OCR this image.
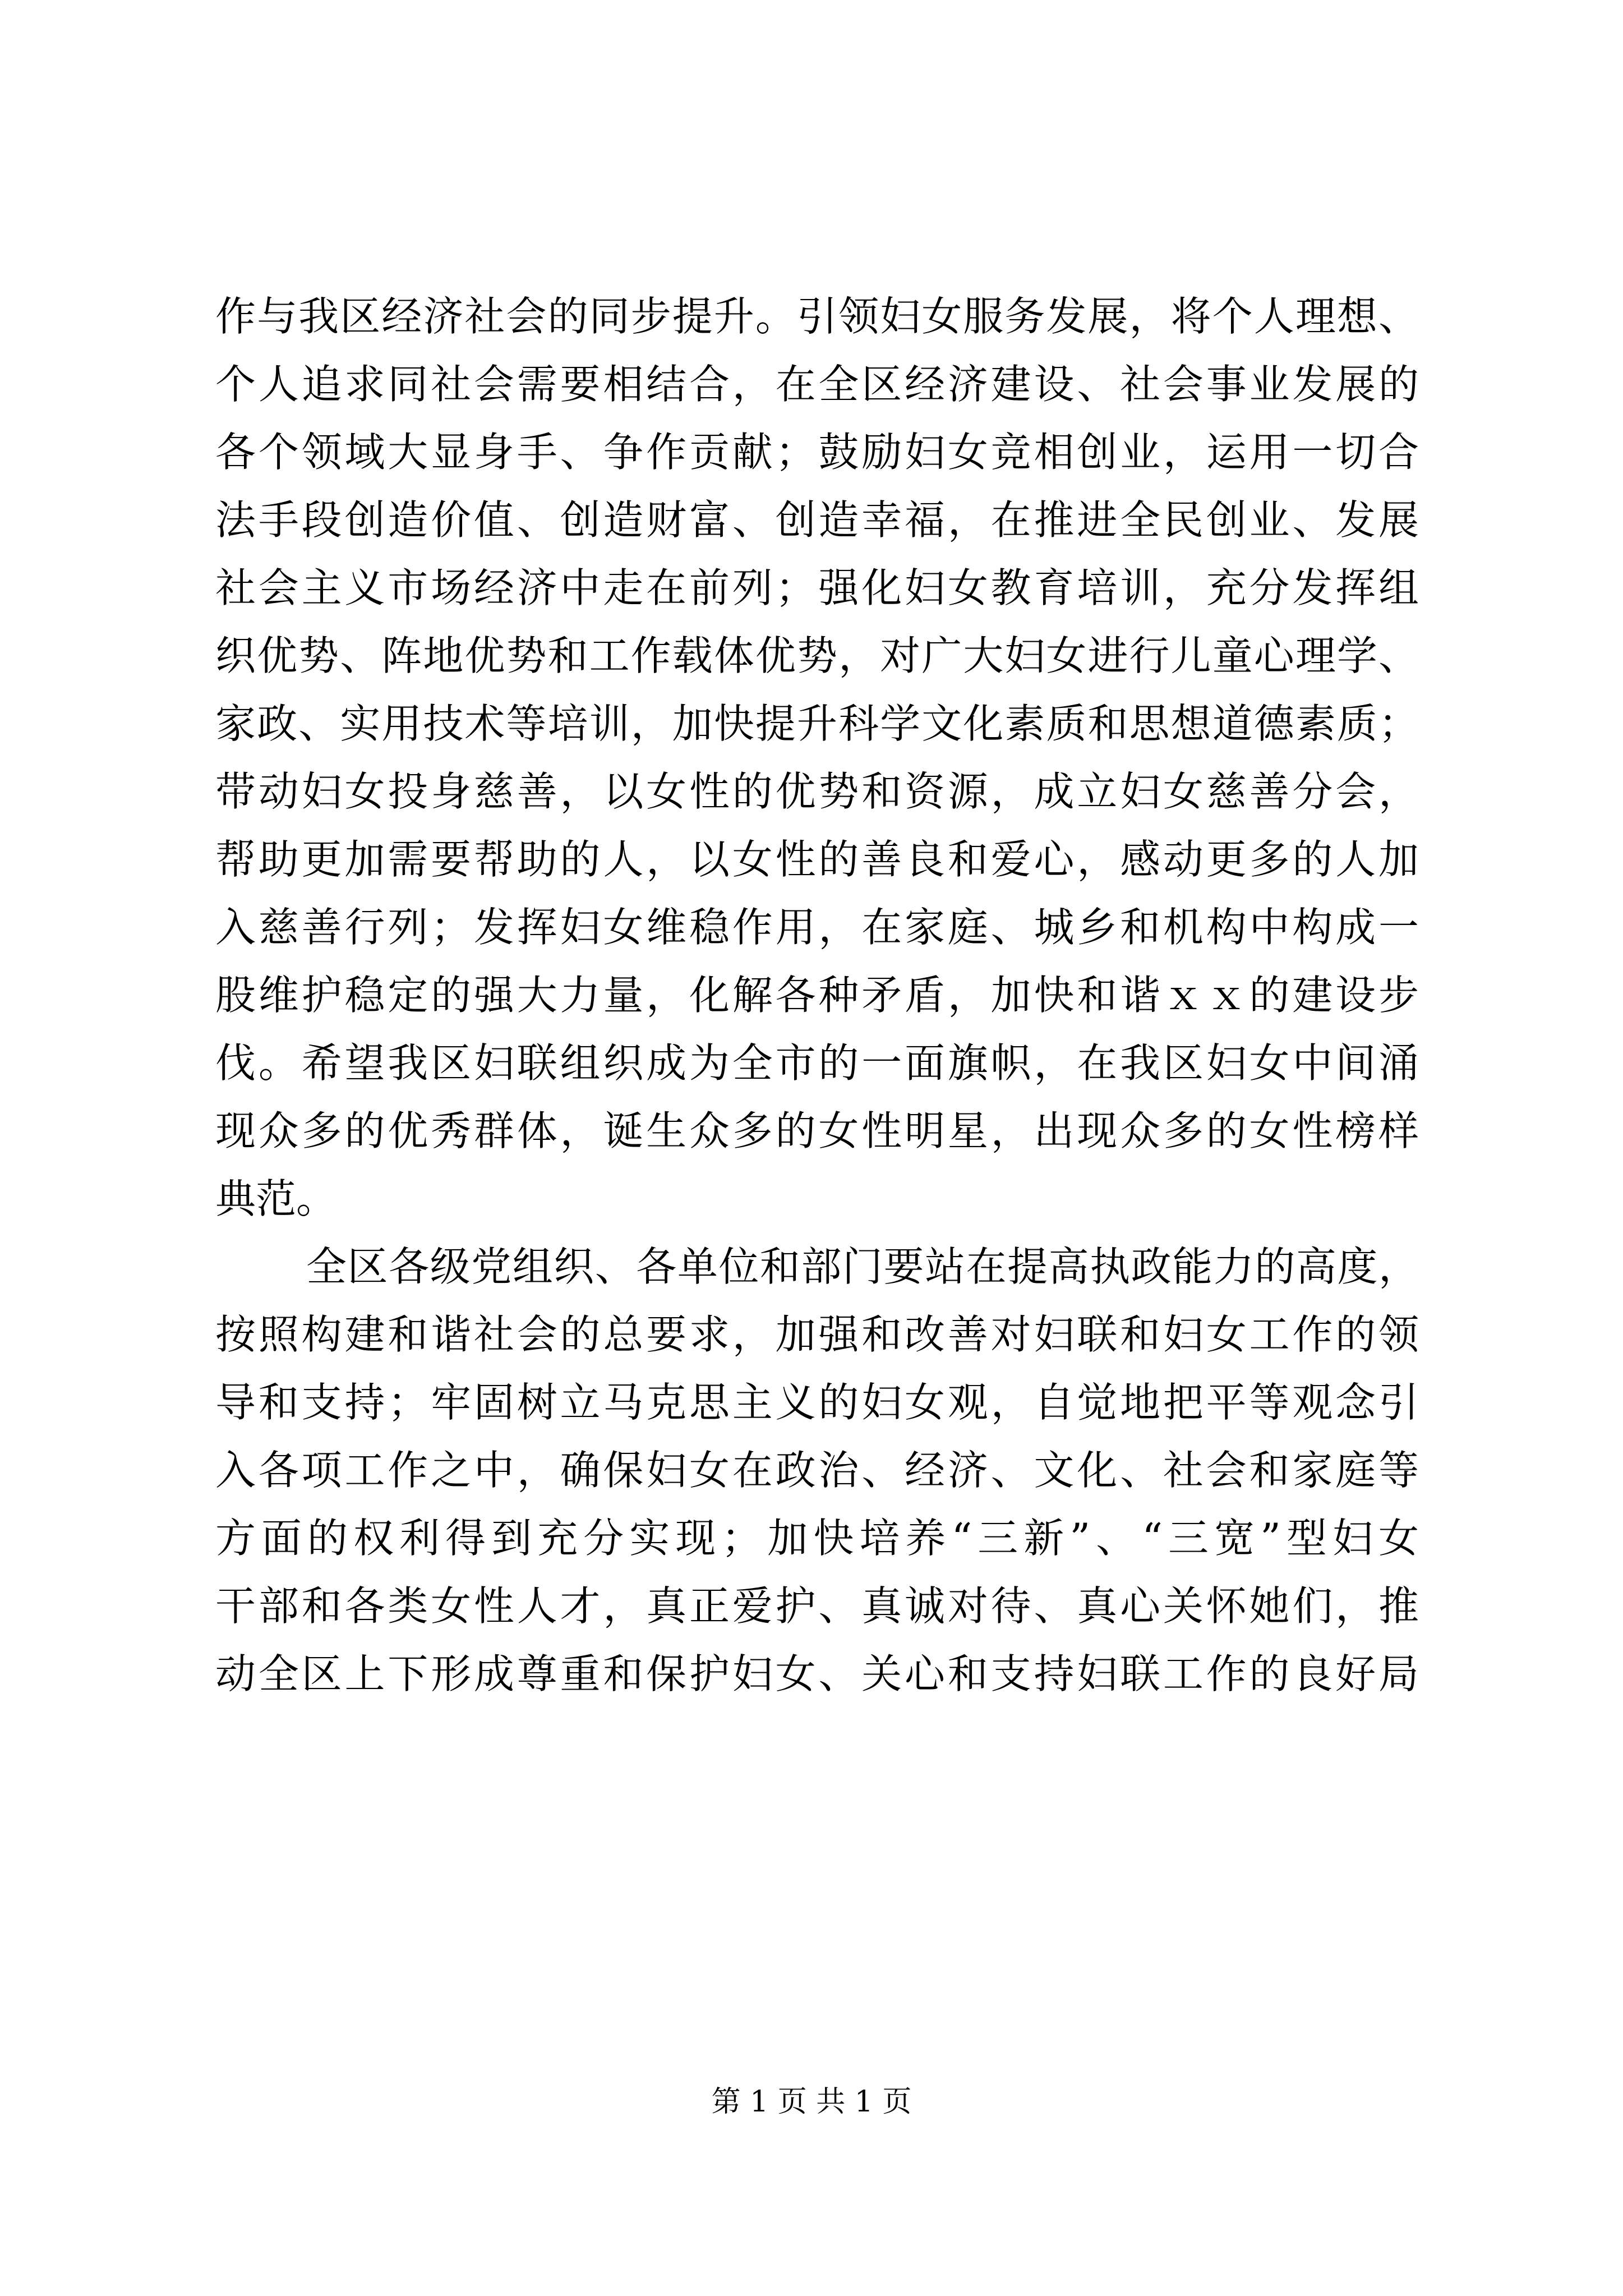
作与我区经济社会的同步提升。引领妇女服务发展，将个人理想、
个人追求同社会需要相结合，在全区经济建设、社会事业发展的
各个领域大显身手、争作贡献；鼓励妇女竞相创业，运用一切合
法手段创造价值、创造财富、创造幸福，在推进全民创业、发展
社会主义市场经济中走在前列；强化妇女教育培训，充分发挥组
织优势、阵地优势和工作载体优势，对广大妇女进行儿童心理学、
家政、实用技术等培训，加快提升科学文化素质和思想道德素质；
带动妇女投身慈善，以女性的优势和资源，成立妇女慈善分会，
帮助更加需要帮助的人，以女性的善良和爱心，感动更多的人加
入慈善行列；发挥妇女维稳作用，在家庭、城乡和机构中构成一
股维护稳定的强大力量，化解各种矛盾，加快和谐ｘｘ的建设步
伐。希望我区妇联组织成为全市的一面旗帜，在我区妇女中间涌
现众多的优秀群体，诞生众多的女性明星，出现众多的女性榜样
典范。
全区各级党组织、各单位和部门要站在提高执政能力的高度，
按照构建和谐社会的总要求，加强和改善对妇联和妇女工作的领
导和支持；牢固树立马克思主义的妇女观，自觉地把平等观念引
入各项工作之中，确保妇女在政治、经济、文化、社会和家庭等
方面的权利得到充分实现；加快培养“三新”、“三宽”型妇女
干部和各类女性人才，真正爱护、真诚对待、真心关怀她们，推
动全区上下形成尊重和保护妇女、关心和支持妇联工作的良好局
第 1 页 共 1 页
